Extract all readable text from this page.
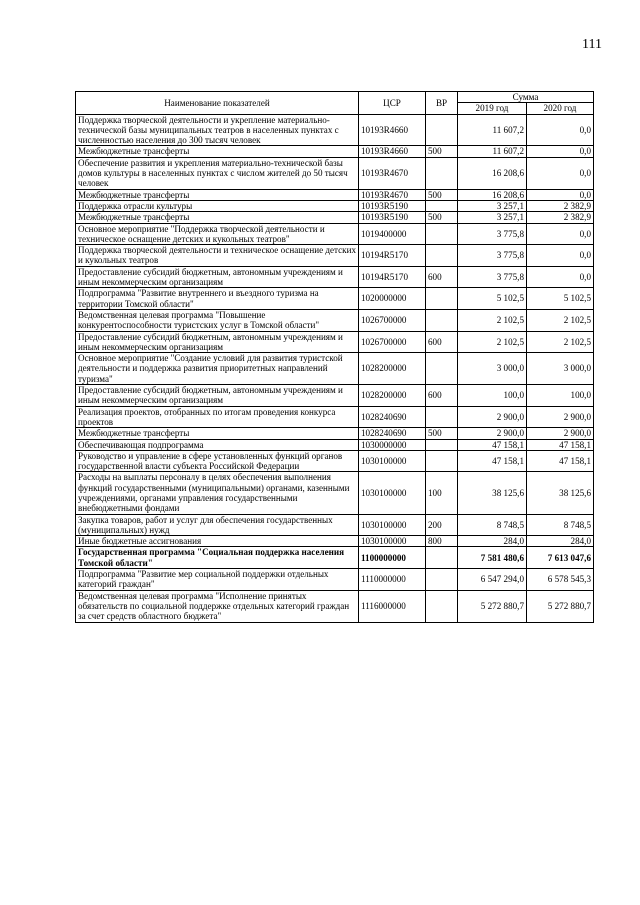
111
Наименование показателей	ЦСР	ВР	Сумма	
			2019 год	2020 год
Поддержка творческой деятельности и укрепление материально-технической базы муниципальных театров в населенных пунктах с численностью населения до 300 тысяч человек	10193R4660		11 607,2	0,0
Межбюджетные трансферты	10193R4660	500	11 607,2	0,0
Обеспечение развития и укрепления материально-технической базы домов культуры в населенных пунктах с числом жителей до 50 тысяч человек	10193R4670		16 208,6	0,0
Межбюджетные трансферты	10193R4670	500	16 208,6	0,0
Поддержка отрасли культуры	10193R5190		3 257,1	2 382,9
Межбюджетные трансферты	10193R5190	500	3 257,1	2 382,9
Основное мероприятие "Поддержка творческой деятельности и техническое оснащение детских и кукольных театров"	1019400000		3 775,8	0,0
Поддержка творческой деятельности и техническое оснащение детских и кукольных театров	10194R5170		3 775,8	0,0
Предоставление субсидий бюджетным, автономным учреждениям и иным некоммерческим организациям	10194R5170	600	3 775,8	0,0
Подпрограмма "Развитие внутреннего и въездного туризма на территории Томской области"	1020000000		5 102,5	5 102,5
Ведомственная целевая программа "Повышение конкурентоспособности туристских услуг в Томской области"	1026700000		2 102,5	2 102,5
Предоставление субсидий бюджетным, автономным учреждениям и иным некоммерческим организациям	1026700000	600	2 102,5	2 102,5
Основное мероприятие "Создание условий для развития туристской деятельности и поддержка развития приоритетных направлений туризма"	1028200000		3 000,0	3 000,0
Предоставление субсидий бюджетным, автономным учреждениям и иным некоммерческим организациям	1028200000	600	100,0	100,0
Реализация проектов, отобранных по итогам проведения конкурса проектов	1028240690		2 900,0	2 900,0
Межбюджетные трансферты	1028240690	500	2 900,0	2 900,0
Обеспечивающая подпрограмма	1030000000		47 158,1	47 158,1
Руководство и управление в сфере установленных функций органов государственной власти субъекта Российской Федерации	1030100000		47 158,1	47 158,1
Расходы на выплаты персоналу в целях обеспечения выполнения функций государственными (муниципальными) органами, казенными учреждениями, органами управления государственными внебюджетными фондами	1030100000	100	38 125,6	38 125,6
Закупка товаров, работ и услуг для обеспечения государственных (муниципальных) нужд	1030100000	200	8 748,5	8 748,5
Иные бюджетные ассигнования	1030100000	800	284,0	284,0
Государственная программа "Социальная поддержка населения Томской области"	1100000000		7 581 480,6	7 613 047,6
Подпрограмма "Развитие мер социальной поддержки отдельных категорий граждан"	1110000000		6 547 294,0	6 578 545,3
Ведомственная целевая программа "Исполнение принятых обязательств по социальной поддержке отдельных категорий граждан за счет средств областного бюджета"	1116000000		5 272 880,7	5 272 880,7
